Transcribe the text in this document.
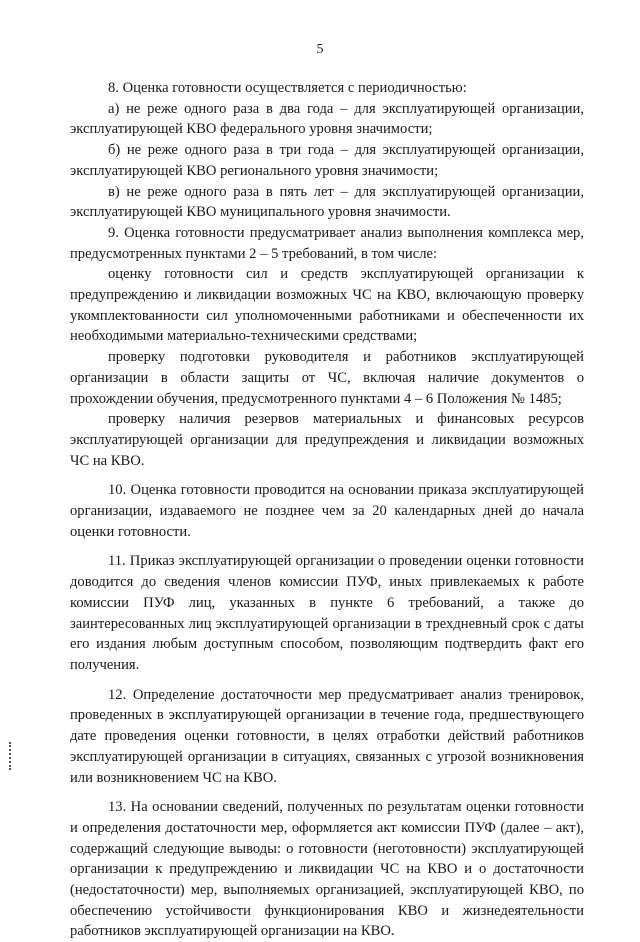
5

8. Оценка готовности осуществляется с периодичностью:

а) не реже одного раза в два года – для эксплуатирующей организации, эксплуатирующей КВО федерального уровня значимости;

б) не реже одного раза в три года – для эксплуатирующей организации, эксплуатирующей КВО регионального уровня значимости;

в) не реже одного раза в пять лет – для эксплуатирующей организации, эксплуатирующей КВО муниципального уровня значимости.

9. Оценка готовности предусматривает анализ выполнения комплекса мер, предусмотренных пунктами 2 – 5 требований, в том числе:

оценку готовности сил и средств эксплуатирующей организации к предупреждению и ликвидации возможных ЧС на КВО, включающую проверку укомплектованности сил уполномоченными работниками и обеспеченности их необходимыми материально-техническими средствами;

проверку подготовки руководителя и работников эксплуатирующей организации в области защиты от ЧС, включая наличие документов о прохождении обучения, предусмотренного пунктами 4 – 6 Положения № 1485;

проверку наличия резервов материальных и финансовых ресурсов эксплуатирующей организации для предупреждения и ликвидации возможных ЧС на КВО.

10. Оценка готовности проводится на основании приказа эксплуатирующей организации, издаваемого не позднее чем за 20 календарных дней до начала оценки готовности.

11. Приказ эксплуатирующей организации о проведении оценки готовности доводится до сведения членов комиссии ПУФ, иных привлекаемых к работе комиссии ПУФ лиц, указанных в пункте 6 требований, а также до заинтересованных лиц эксплуатирующей организации в трехдневный срок с даты его издания любым доступным способом, позволяющим подтвердить факт его получения.

12. Определение достаточности мер предусматривает анализ тренировок, проведенных в эксплуатирующей организации в течение года, предшествующего дате проведения оценки готовности, в целях отработки действий работников эксплуатирующей организации в ситуациях, связанных с угрозой возникновения или возникновением ЧС на КВО.

13. На основании сведений, полученных по результатам оценки готовности и определения достаточности мер, оформляется акт комиссии ПУФ (далее – акт), содержащий следующие выводы: о готовности (неготовности) эксплуатирующей организации к предупреждению и ликвидации ЧС на КВО и о достаточности (недостаточности) мер, выполняемых организацией, эксплуатирующей КВО, по обеспечению устойчивости функционирования КВО и жизнедеятельности работников эксплуатирующей организации на КВО.
